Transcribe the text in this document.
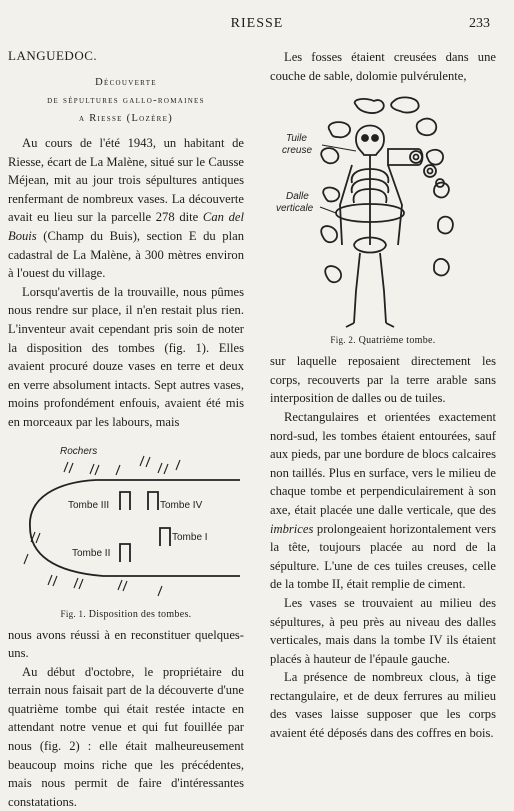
RIESSE	233
LANGUEDOC.
Découverte
de sépultures gallo-romaines
a Riesse (Lozère)

Au cours de l'été 1943, un habitant de Riesse, écart de La Malène, situé sur le Causse Méjean, mit au jour trois sépultures antiques renfermant de nombreux vases. La découverte avait eu lieu sur la parcelle 278 dite Can del Bouis (Champ du Buis), section E du plan cadastral de La Malène, à 300 mètres environ à l'ouest du village.

Lorsqu'avertis de la trouvaille, nous pûmes nous rendre sur place, il n'en restait plus rien. L'inventeur avait cependant pris soin de noter la disposition des tombes (fig. 1). Elles avaient procuré douze vases en terre et deux en verre absolument intacts. Sept autres vases, moins profondément enfouis, avaient été mis en morceaux par les labours, mais

Rochers
Tombe III	Tombe IV
Tombe II
Tombe I
Fig. 1. Disposition des tombes.

nous avons réussi à en reconstituer quelques-uns.

Au début d'octobre, le propriétaire du terrain nous faisait part de la découverte d'une quatrième tombe qui était restée intacte en attendant notre venue et qui fut fouillée par nous (fig. 2) : elle était malheureusement beaucoup moins riche que les précédentes, mais nous permit de faire d'intéressantes constatations.

Les fosses étaient creusées dans une couche de sable, dolomie pulvérulente,

Tuile
creuse
Dalle
verticale
Fig. 2. Quatrième tombe.

sur laquelle reposaient directement les corps, recouverts par la terre arable sans interposition de dalles ou de tuiles.

Rectangulaires et orientées exactement nord-sud, les tombes étaient entourées, sauf aux pieds, par une bordure de blocs calcaires non taillés. Plus en surface, vers le milieu de chaque tombe et perpendiculairement à son axe, était placée une dalle verticale, que des imbrices prolongeaient horizontalement vers la tête, toujours placée au nord de la sépulture. L'une de ces tuiles creuses, celle de la tombe II, était remplie de ciment.

Les vases se trouvaient au milieu des sépultures, à peu près au niveau des dalles verticales, mais dans la tombe IV ils étaient placés à hauteur de l'épaule gauche.

La présence de nombreux clous, à tige rectangulaire, et de deux ferrures au milieu des vases laisse supposer que les corps avaient été déposés dans des coffres en bois.
